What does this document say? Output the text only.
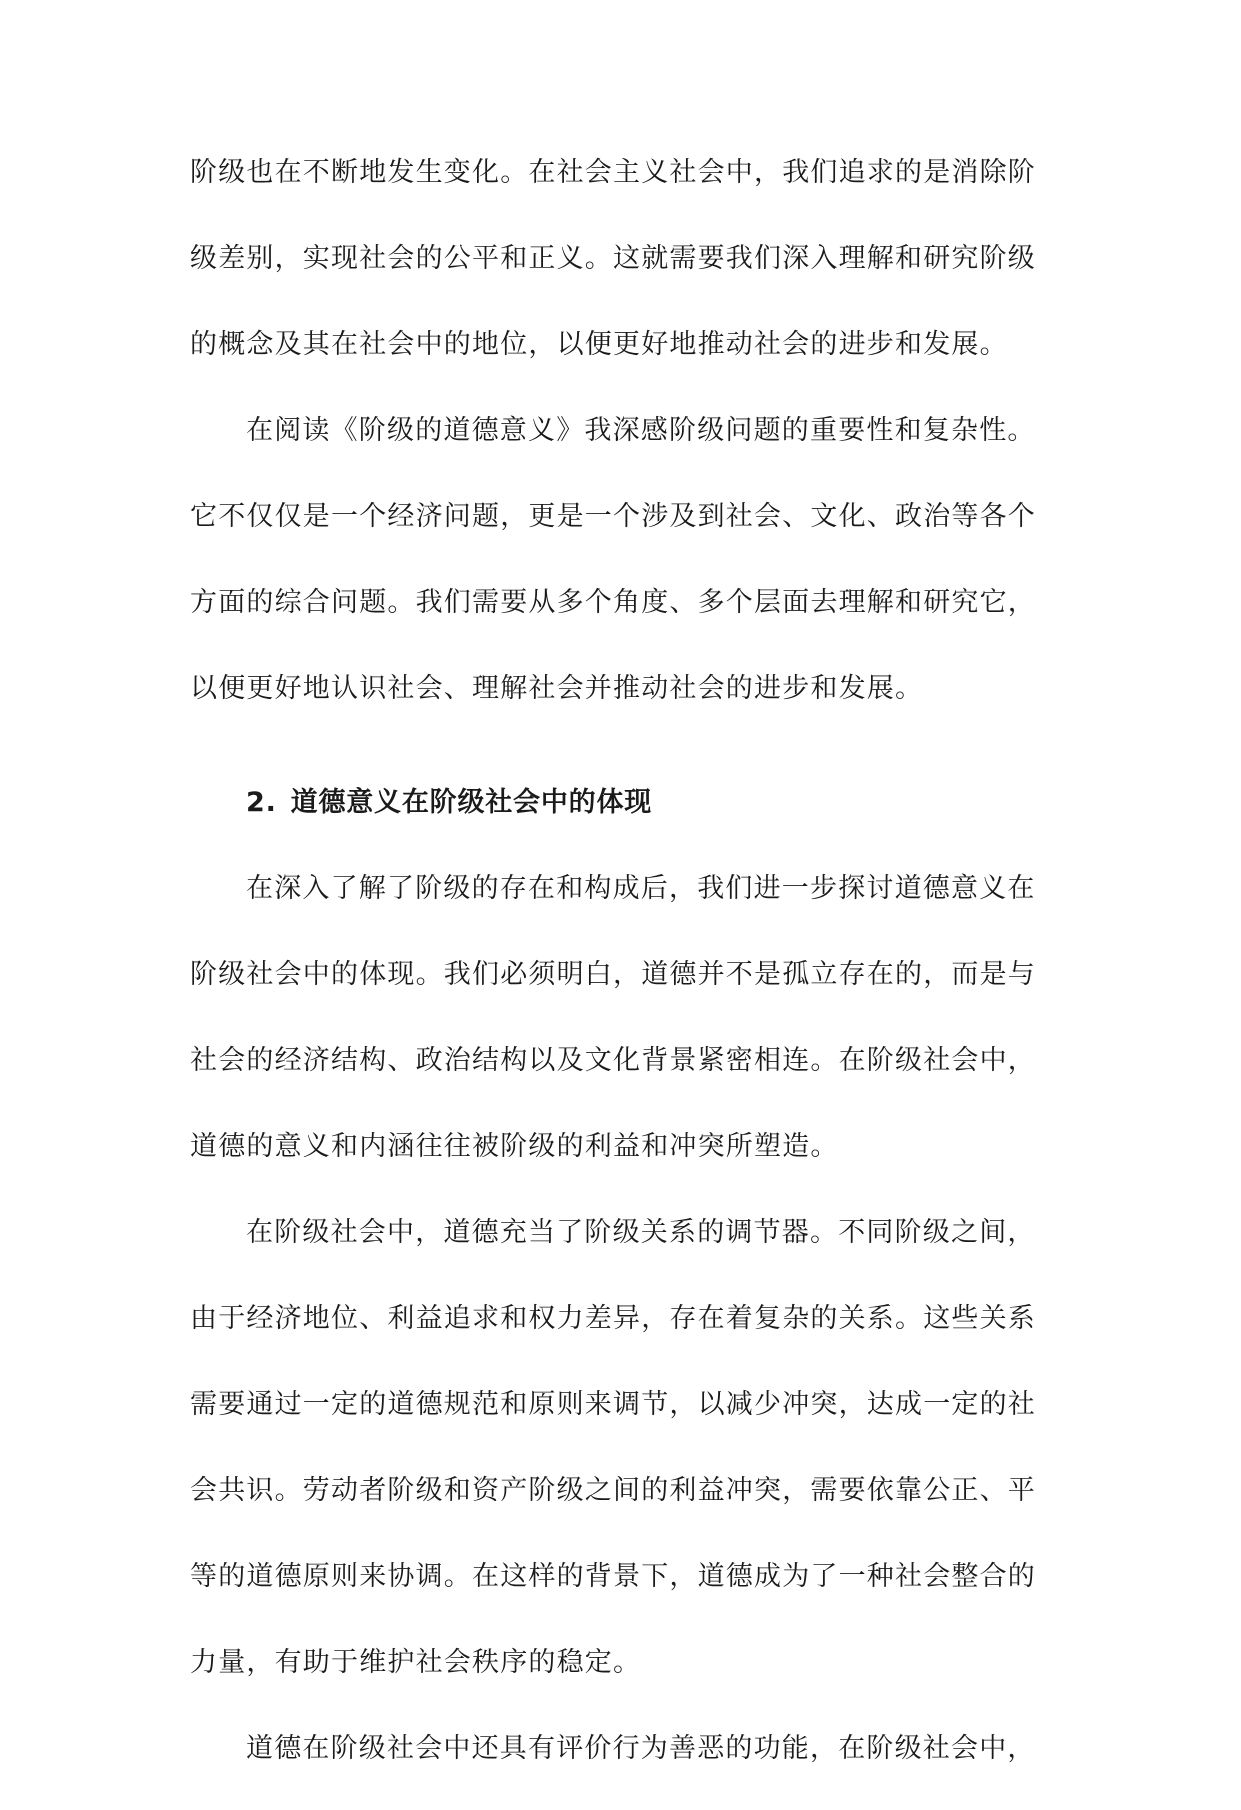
阶级也在不断地发生变化。在社会主义社会中，我们追求的是消除阶
级差别，实现社会的公平和正义。这就需要我们深入理解和研究阶级
的概念及其在社会中的地位，以便更好地推动社会的进步和发展。
在阅读《阶级的道德意义》我深感阶级问题的重要性和复杂性。
它不仅仅是一个经济问题，更是一个涉及到社会、文化、政治等各个
方面的综合问题。我们需要从多个角度、多个层面去理解和研究它，
以便更好地认识社会、理解社会并推动社会的进步和发展。
2. 道德意义在阶级社会中的体现
在深入了解了阶级的存在和构成后，我们进一步探讨道德意义在
阶级社会中的体现。我们必须明白，道德并不是孤立存在的，而是与
社会的经济结构、政治结构以及文化背景紧密相连。在阶级社会中，
道德的意义和内涵往往被阶级的利益和冲突所塑造。
在阶级社会中，道德充当了阶级关系的调节器。不同阶级之间，
由于经济地位、利益追求和权力差异，存在着复杂的关系。这些关系
需要通过一定的道德规范和原则来调节，以减少冲突，达成一定的社
会共识。劳动者阶级和资产阶级之间的利益冲突，需要依靠公正、平
等的道德原则来协调。在这样的背景下，道德成为了一种社会整合的
力量，有助于维护社会秩序的稳定。
道德在阶级社会中还具有评价行为善恶的功能，在阶级社会中，
